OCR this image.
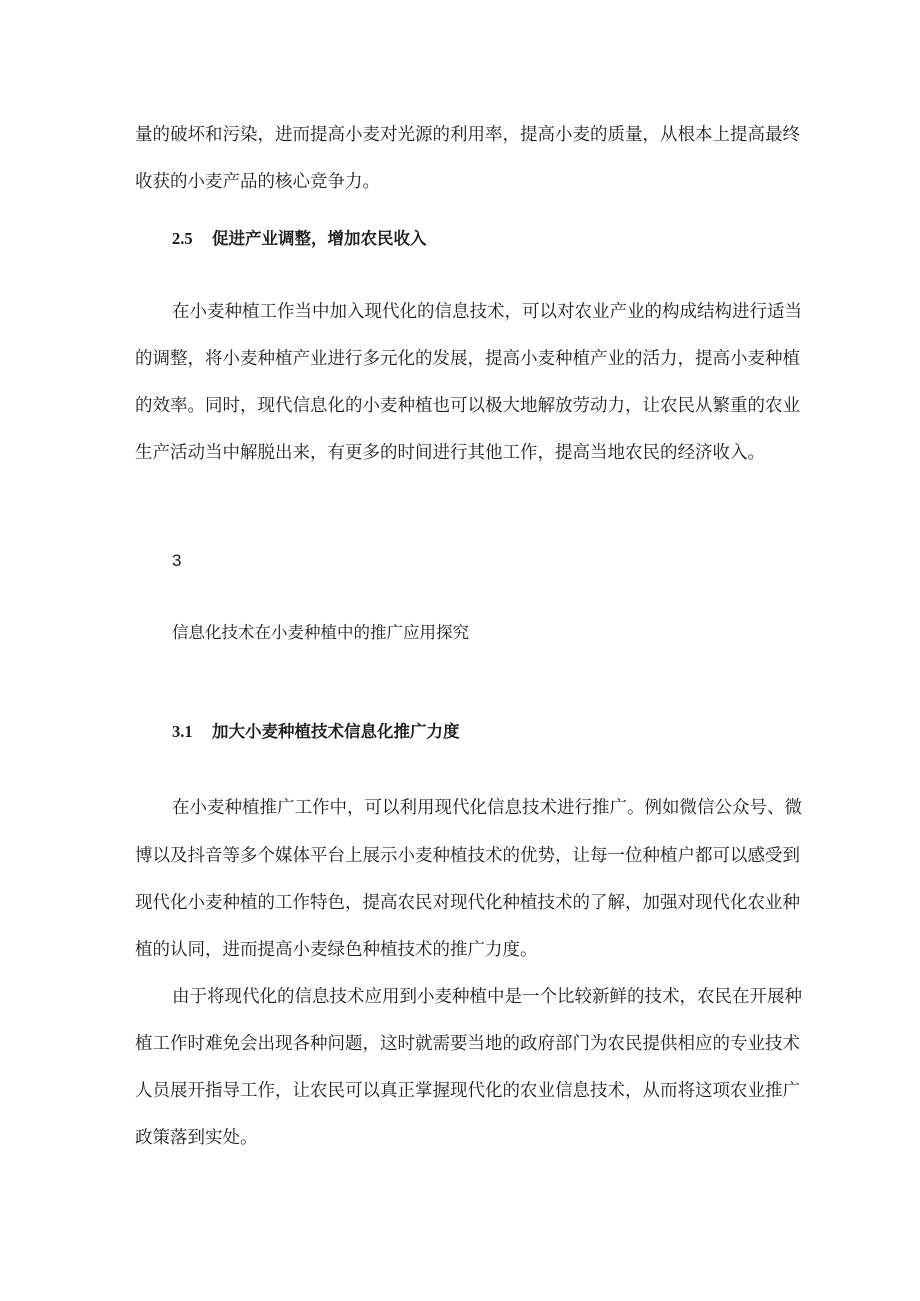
量的破坏和污染，进而提高小麦对光源的利用率，提高小麦的质量，从根本上提高最终

收获的小麦产品的核心竞争力。

2.5 促进产业调整，增加农民收入

在小麦种植工作当中加入现代化的信息技术，可以对农业产业的构成结构进行适当

的调整，将小麦种植产业进行多元化的发展，提高小麦种植产业的活力，提高小麦种植

的效率。同时，现代信息化的小麦种植也可以极大地解放劳动力，让农民从繁重的农业

生产活动当中解脱出来，有更多的时间进行其他工作，提高当地农民的经济收入。

3
信息化技术在小麦种植中的推广应用探究
3.1 加大小麦种植技术信息化推广力度

在小麦种植推广工作中，可以利用现代化信息技术进行推广。例如微信公众号、微

博以及抖音等多个媒体平台上展示小麦种植技术的优势，让每一位种植户都可以感受到

现代化小麦种植的工作特色，提高农民对现代化种植技术的了解，加强对现代化农业种

植的认同，进而提高小麦绿色种植技术的推广力度。

由于将现代化的信息技术应用到小麦种植中是一个比较新鲜的技术，农民在开展种

植工作时难免会出现各种问题，这时就需要当地的政府部门为农民提供相应的专业技术

人员展开指导工作，让农民可以真正掌握现代化的农业信息技术，从而将这项农业推广

政策落到实处。
